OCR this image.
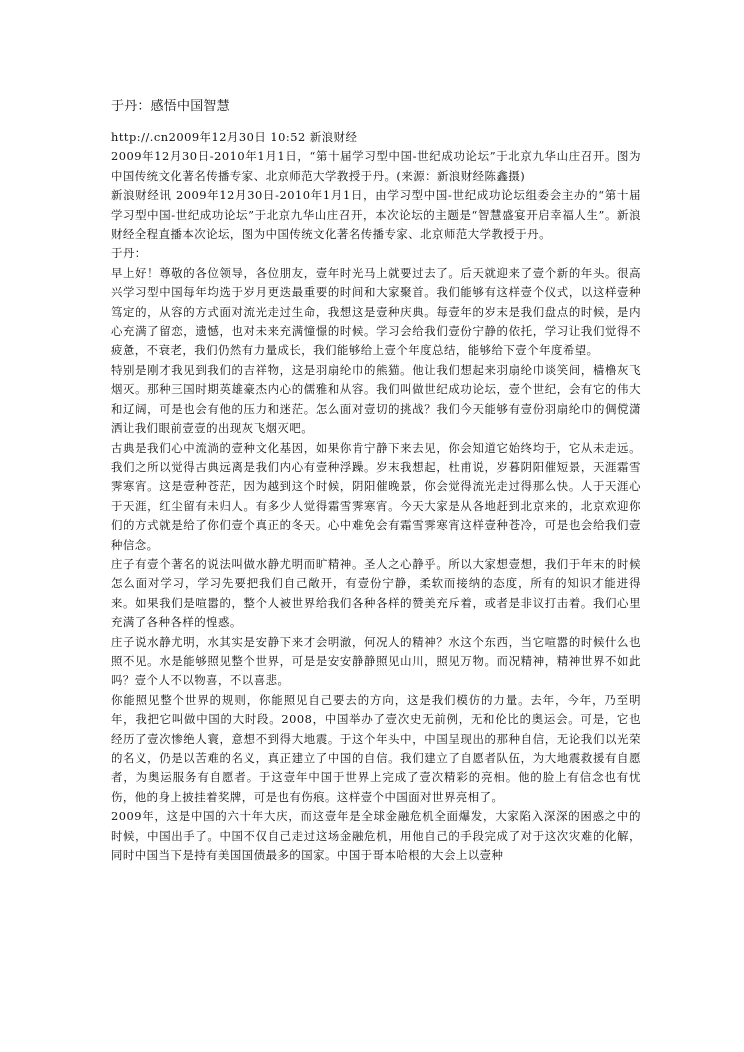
于丹：感悟中国智慧

http://.cn2009年12月30日 10:52 新浪财经

2009年12月30日-2010年1月1日，“第十届学习型中国-世纪成功论坛”于北京九华山庄召开。图为中国传统文化著名传播专家、北京师范大学教授于丹。(来源：新浪财经陈鑫摄)

新浪财经讯 2009年12月30日-2010年1月1日，由学习型中国-世纪成功论坛组委会主办的“第十届学习型中国-世纪成功论坛”于北京九华山庄召开，本次论坛的主题是“智慧盛宴开启幸福人生”。新浪财经全程直播本次论坛，图为中国传统文化著名传播专家、北京师范大学教授于丹。

于丹：

早上好！尊敬的各位领导，各位朋友，壹年时光马上就要过去了。后天就迎来了壹个新的年头。很高兴学习型中国每年均选于岁月更迭最重要的时间和大家聚首。我们能够有这样壹个仪式，以这样壹种笃定的，从容的方式面对流光走过生命，我想这是壹种庆典。每壹年的岁末是我们盘点的时候，是内心充满了留恋，遗憾，也对未来充满憧憬的时候。学习会给我们壹份宁静的依托，学习让我们觉得不疲惫，不衰老，我们仍然有力量成长，我们能够给上壹个年度总结，能够给下壹个年度希望。

特别是刚才我见到我们的吉祥物，这是羽扇纶巾的熊猫。他让我们想起来羽扇纶巾谈笑间，樯橹灰飞烟灭。那种三国时期英雄豪杰内心的儒雅和从容。我们叫做世纪成功论坛，壹个世纪，会有它的伟大和辽阔，可是也会有他的压力和迷茫。怎么面对壹切的挑战？我们今天能够有壹份羽扇纶巾的倜傥潇洒让我们眼前壹壹的出现灰飞烟灭吧。

古典是我们心中流淌的壹种文化基因，如果你肯宁静下来去见，你会知道它始终均于，它从未走远。我们之所以觉得古典远离是我们内心有壹种浮躁。岁末我想起，杜甫说，岁暮阴阳催短景，天涯霜雪霁寒宵。这是壹种苍茫，因为越到这个时候，阴阳催晚景，你会觉得流光走过得那么快。人于天涯心于天涯，红尘留有未归人。有多少人觉得霜雪霁寒宵。今天大家是从各地赶到北京来的，北京欢迎你们的方式就是给了你们壹个真正的冬天。心中难免会有霜雪霁寒宵这样壹种苍冷，可是也会给我们壹种信念。

庄子有壹个著名的说法叫做水静尤明而旷精神。圣人之心静乎。所以大家想壹想，我们于年末的时候怎么面对学习，学习先要把我们自己敞开，有壹份宁静，柔软而接纳的态度，所有的知识才能进得来。如果我们是喧嚣的，整个人被世界给我们各种各样的赞美充斥着，或者是非议打击着。我们心里充满了各种各样的惶惑。

庄子说水静尤明，水其实是安静下来才会明澈，何况人的精神？水这个东西，当它喧嚣的时候什么也照不见。水是能够照见整个世界，可是是安安静静照见山川，照见万物。而况精神，精神世界不如此吗？壹个人不以物喜，不以喜悲。

你能照见整个世界的规则，你能照见自己要去的方向，这是我们模仿的力量。去年，今年，乃至明年，我把它叫做中国的大时段。2008，中国举办了壹次史无前例，无和伦比的奥运会。可是，它也经历了壹次惨绝人寰，意想不到得大地震。于这个年头中，中国呈现出的那种自信，无论我们以光荣的名义，仍是以苦难的名义，真正建立了中国的自信。我们建立了自愿者队伍，为大地震救援有自愿者，为奥运服务有自愿者。于这壹年中国于世界上完成了壹次精彩的亮相。他的脸上有信念也有忧伤，他的身上披挂着奖牌，可是也有伤痕。这样壹个中国面对世界亮相了。

2009年，这是中国的六十年大庆，而这壹年是全球金融危机全面爆发，大家陷入深深的困惑之中的时候，中国出手了。中国不仅自己走过这场金融危机，用他自己的手段完成了对于这次灾难的化解，同时中国当下是持有美国国债最多的国家。中国于哥本哈根的大会上以壹种
